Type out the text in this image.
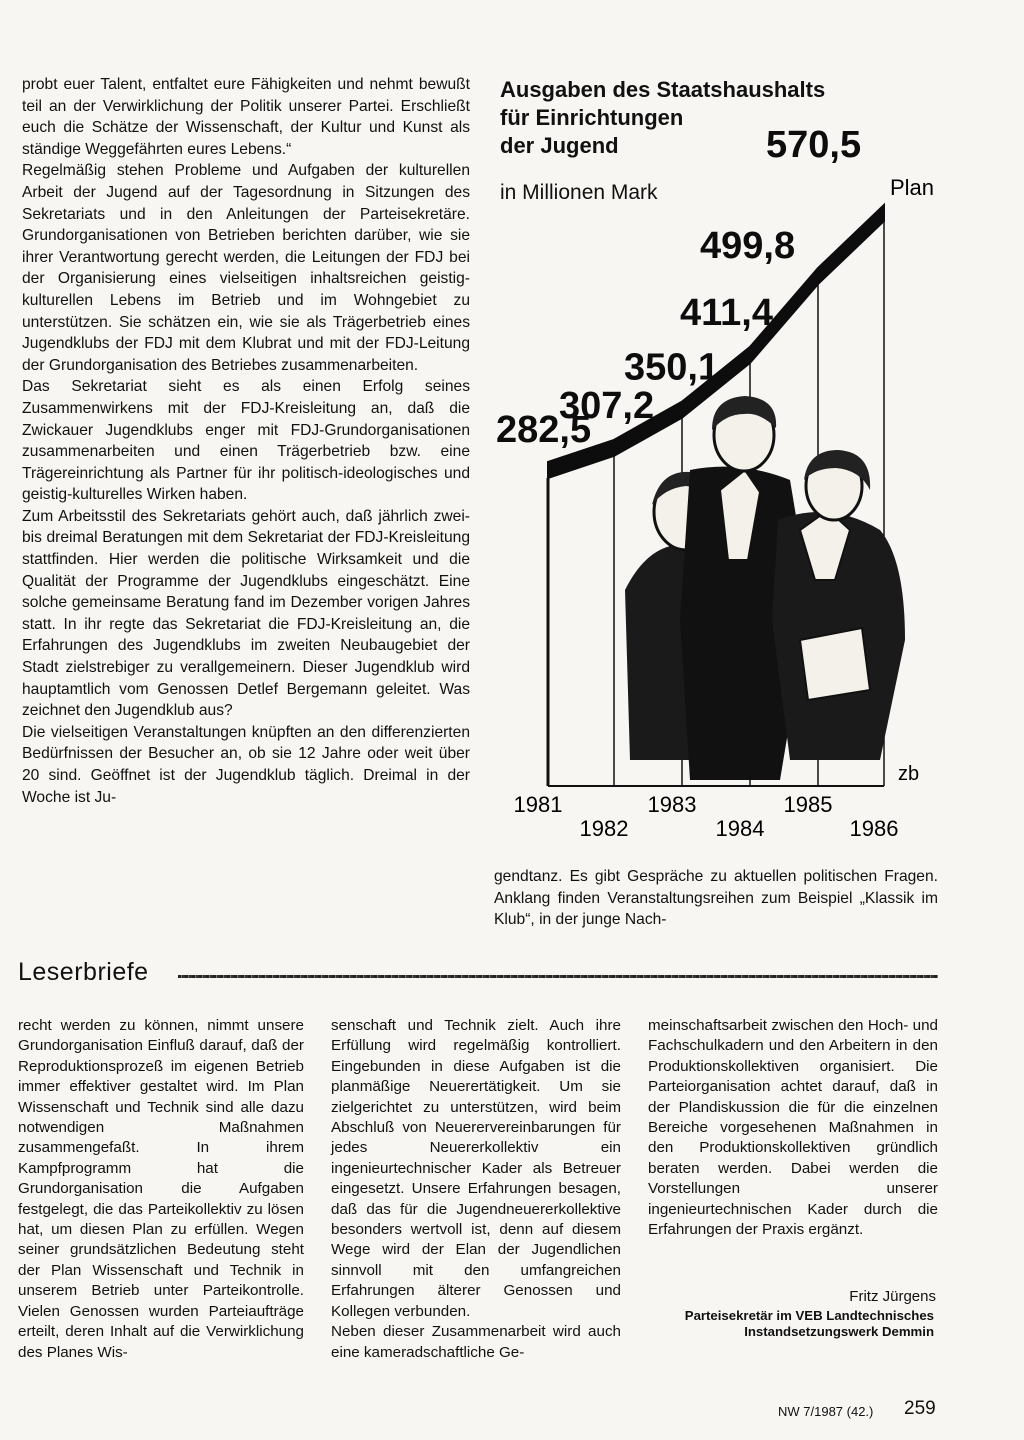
probt euer Talent, entfaltet eure Fähigkeiten und nehmt bewußt teil an der Verwirklichung der Politik unserer Partei. Erschließt euch die Schätze der Wissenschaft, der Kultur und Kunst als ständige Weggefährten eures Lebens.“

Regelmäßig stehen Probleme und Aufgaben der kulturellen Arbeit der Jugend auf der Tagesordnung in Sitzungen des Sekretariats und in den Anleitungen der Parteisekretäre. Grundorganisationen von Betrieben berichten darüber, wie sie ihrer Verantwortung gerecht werden, die Leitungen der FDJ bei der Organisierung eines vielseitigen inhaltsreichen geistig-kulturellen Lebens im Betrieb und im Wohngebiet zu unterstützen. Sie schätzen ein, wie sie als Trägerbetrieb eines Jugendklubs der FDJ mit dem Klubrat und mit der FDJ-Leitung der Grundorganisation des Betriebes zusammenarbeiten.

Das Sekretariat sieht es als einen Erfolg seines Zusammenwirkens mit der FDJ-Kreisleitung an, daß die Zwickauer Jugendklubs enger mit FDJ-Grundorganisationen zusammenarbeiten und einen Trägerbetrieb bzw. eine Trägereinrichtung als Partner für ihr politisch-ideologisches und geistig-kulturelles Wirken haben.

Zum Arbeitsstil des Sekretariats gehört auch, daß jährlich zwei- bis dreimal Beratungen mit dem Sekretariat der FDJ-Kreisleitung stattfinden. Hier werden die politische Wirksamkeit und die Qualität der Programme der Jugendklubs eingeschätzt. Eine solche gemeinsame Beratung fand im Dezember vorigen Jahres statt. In ihr regte das Sekretariat die FDJ-Kreisleitung an, die Erfahrungen des Jugendklubs im zweiten Neubaugebiet der Stadt zielstrebiger zu verallgemeinern. Dieser Jugendklub wird hauptamtlich vom Genossen Detlef Bergemann geleitet. Was zeichnet den Jugendklub aus?

Die vielseitigen Veranstaltungen knüpften an den differenzierten Bedürfnissen der Besucher an, ob sie 12 Jahre oder weit über 20 sind. Geöffnet ist der Jugendklub täglich. Dreimal in der Woche ist Ju-

Ausgaben des Staatshaushalts
für Einrichtungen
der Jugend
in Millionen Mark
282,5
307,2
350,1
411,4
499,8
570,5
Plan
zb
1981
1982
1983
1984
1985
1986
gendtanz. Es gibt Gespräche zu aktuellen politischen Fragen. Anklang finden Veranstaltungsreihen zum Beispiel „Klassik im Klub“, in der junge Nach-
Leserbriefe
recht werden zu können, nimmt unsere Grundorganisation Einfluß darauf, daß der Reproduktionsprozeß im eigenen Betrieb immer effektiver gestaltet wird. Im Plan Wissenschaft und Technik sind alle dazu notwendigen Maßnahmen zusammengefaßt. In ihrem Kampfprogramm hat die Grundorganisation die Aufgaben festgelegt, die das Parteikollektiv zu lösen hat, um diesen Plan zu erfüllen. Wegen seiner grundsätzlichen Bedeutung steht der Plan Wissenschaft und Technik in unserem Betrieb unter Parteikontrolle. Vielen Genossen wurden Parteiaufträge erteilt, deren Inhalt auf die Verwirklichung des Planes Wis-
senschaft und Technik zielt. Auch ihre Erfüllung wird regelmäßig kontrolliert. Eingebunden in diese Aufgaben ist die planmäßige Neuerertätigkeit. Um sie zielgerichtet zu unterstützen, wird beim Abschluß von Neuerervereinbarungen für jedes Neuererkollektiv ein ingenieurtechnischer Kader als Betreuer eingesetzt. Unsere Erfahrungen besagen, daß das für die Jugendneuererkollektive besonders wertvoll ist, denn auf diesem Wege wird der Elan der Jugendlichen sinnvoll mit den umfangreichen Erfahrungen älterer Genossen und Kollegen verbunden.
Neben dieser Zusammenarbeit wird auch eine kameradschaftliche Ge-
meinschaftsarbeit zwischen den Hoch- und Fachschulkadern und den Arbeitern in den Produktionskollektiven organisiert. Die Parteiorganisation achtet darauf, daß in der Plandiskussion die für die einzelnen Bereiche vorgesehenen Maßnahmen in den Produktionskollektiven gründlich beraten werden. Dabei werden die Vorstellungen unserer ingenieurtechnischen Kader durch die Erfahrungen der Praxis ergänzt.
Fritz Jürgens
Parteisekretär im VEB Landtechnisches
Instandsetzungswerk Demmin
NW 7/1987 (42.) 259
